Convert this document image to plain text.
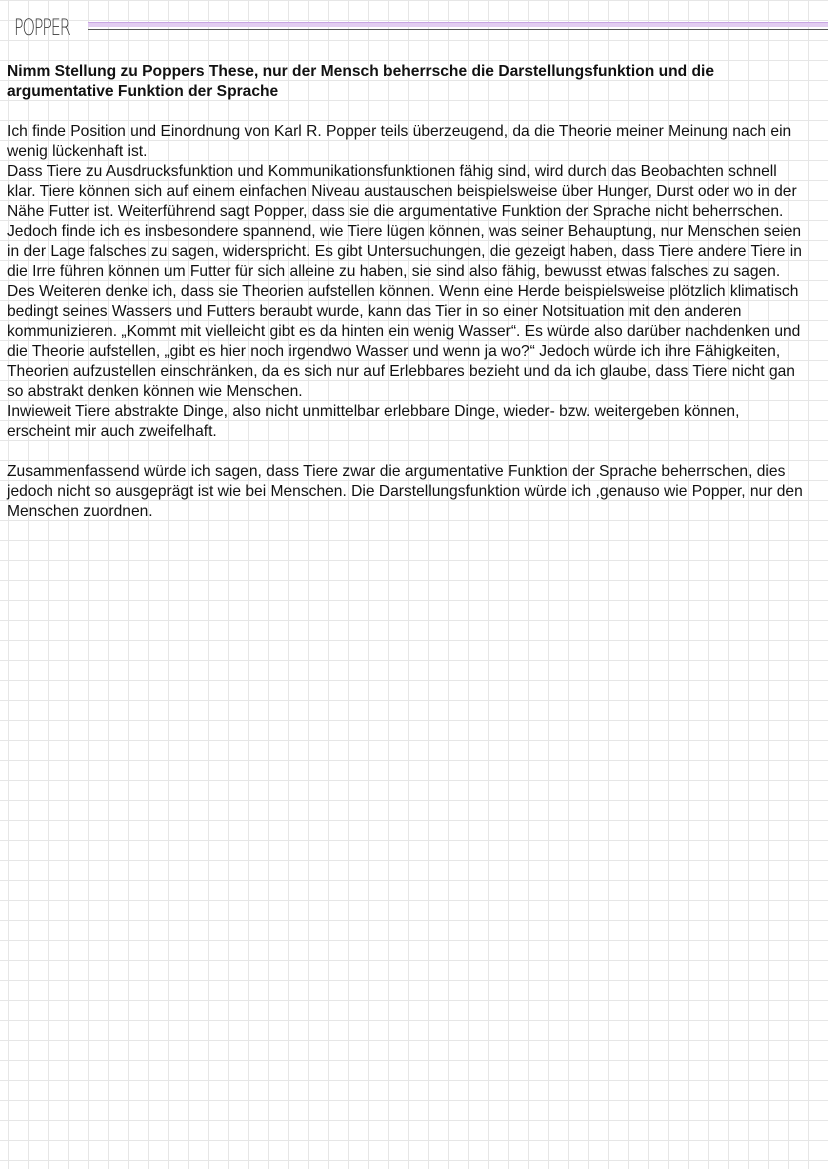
POPPER

Nimm Stellung zu Poppers These, nur der Mensch beherrsche die Darstellungsfunktion und die argumentative Funktion der Sprache

Ich finde Position und Einordnung von Karl R. Popper teils überzeugend, da die Theorie meiner Meinung nach ein wenig lückenhaft ist.

Dass Tiere zu Ausdrucksfunktion und Kommunikationsfunktionen fähig sind, wird durch das Beobachten schnell klar. Tiere können sich auf einem einfachen Niveau austauschen beispielsweise über Hunger, Durst oder wo in der Nähe Futter ist. Weiterführend sagt Popper, dass sie die argumentative Funktion der Sprache nicht beherrschen. Jedoch finde ich es insbesondere spannend, wie Tiere lügen können, was seiner Behauptung, nur Menschen seien in der Lage falsches zu sagen, widerspricht. Es gibt Untersuchungen, die gezeigt haben, dass Tiere andere Tiere in die Irre führen können um Futter für sich alleine zu haben, sie sind also fähig, bewusst etwas falsches zu sagen. Des Weiteren denke ich, dass sie Theorien aufstellen können. Wenn eine Herde beispielsweise plötzlich klimatisch bedingt seines Wassers und Futters beraubt wurde, kann das Tier in so einer Notsituation mit den anderen kommunizieren. „Kommt mit vielleicht gibt es da hinten ein wenig Wasser“. Es würde also darüber nachdenken und die Theorie aufstellen, „gibt es hier noch irgendwo Wasser und wenn ja wo?“ Jedoch würde ich ihre Fähigkeiten, Theorien aufzustellen einschränken, da es sich nur auf Erlebbares bezieht und da ich glaube, dass Tiere nicht gan so abstrakt denken können wie Menschen.

Inwieweit Tiere abstrakte Dinge, also nicht unmittelbar erlebbare Dinge, wieder- bzw. weitergeben können, erscheint mir auch zweifelhaft.

Zusammenfassend würde ich sagen, dass Tiere zwar die argumentative Funktion der Sprache beherrschen, dies jedoch nicht so ausgeprägt ist wie bei Menschen. Die Darstellungsfunktion würde ich ,genauso wie Popper, nur den Menschen zuordnen.
